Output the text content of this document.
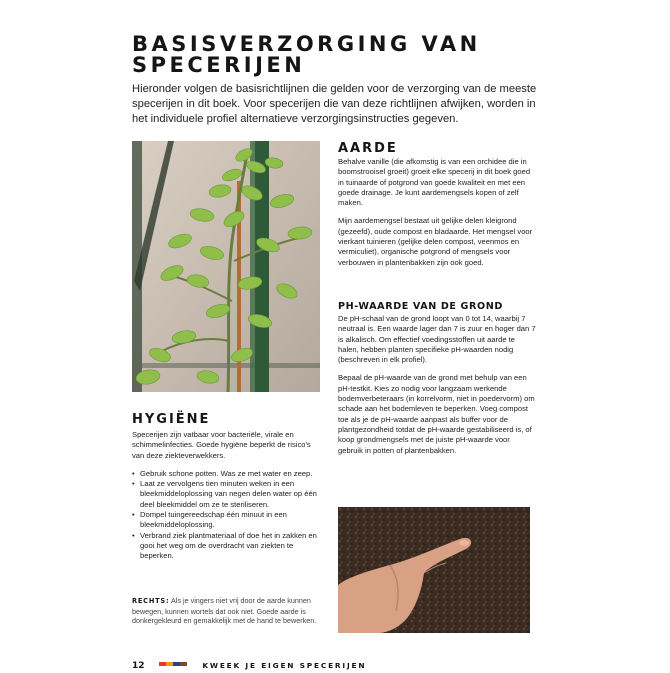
BASISVERZORGING VAN
SPECERIJEN
Hieronder volgen de basisrichtlijnen die gelden voor de verzorging van de meeste specerijen in dit boek. Voor specerijen die van deze richtlijnen afwijken, worden in het individuele profiel alternatieve verzorgingsinstructies gegeven.
AARDE

Behalve vanille (die afkomstig is van een orchidee die in boomstrooisel groeit) groeit elke specerij in dit boek goed in tuinaarde of potgrond van goede kwaliteit en met een goede drainage. Je kunt aardemengsels kopen of zelf maken.

Mijn aardemengsel bestaat uit gelijke delen kleigrond (gezeefd), oude compost en bladaarde. Het mengsel voor vierkant tuinieren (gelijke delen compost, veenmos en vermiculiet), organische potgrond of mengsels voor verbouwen in plantenbakken zijn ook goed.

PH-WAARDE VAN DE GROND

De pH-schaal van de grond loopt van 0 tot 14, waarbij 7 neutraal is. Een waarde lager dan 7 is zuur en hoger dan 7 is alkalisch. Om effectief voedingsstoffen uit aarde te halen, hebben planten specifieke pH-waarden nodig (beschreven in elk profiel).

Bepaal de pH-waarde van de grond met behulp van een pH-testkit. Kies zo nodig voor langzaam werkende bodemverbeteraars (in korrelvorm, niet in poedervorm) om schade aan het bodemleven te beperken. Voeg compost toe als je de pH-waarde aanpast als buffer voor de plantgezondheid totdat de pH-waarde gestabiliseerd is, of koop grondmengsels met de juiste pH-waarde voor gebruik in potten of plantenbakken.

HYGIËNE

Specerijen zijn vatbaar voor bacteriële, virale en schimmelinfecties. Goede hygiëne beperkt de risico's van deze ziekteverwekkers.

• Gebruik schone potten. Was ze met water en zeep.
• Laat ze vervolgens tien minuten weken in een bleekmiddeloplossing van negen delen water op één deel bleekmiddel om ze te steriliseren.
• Dompel tuingereedschap één minuut in een bleekmiddeloplossing.
• Verbrand ziek plantmateriaal of doe het in zakken en gooi het weg om de overdracht van ziekten te beperken.
RECHTS: Als je vingers niet vrij door de aarde kunnen bewegen, kunnen wortels dat ook niet. Goede aarde is donkergekleurd en gemakkelijk met de hand te bewerken.
12	KWEEK JE EIGEN SPECERIJEN
